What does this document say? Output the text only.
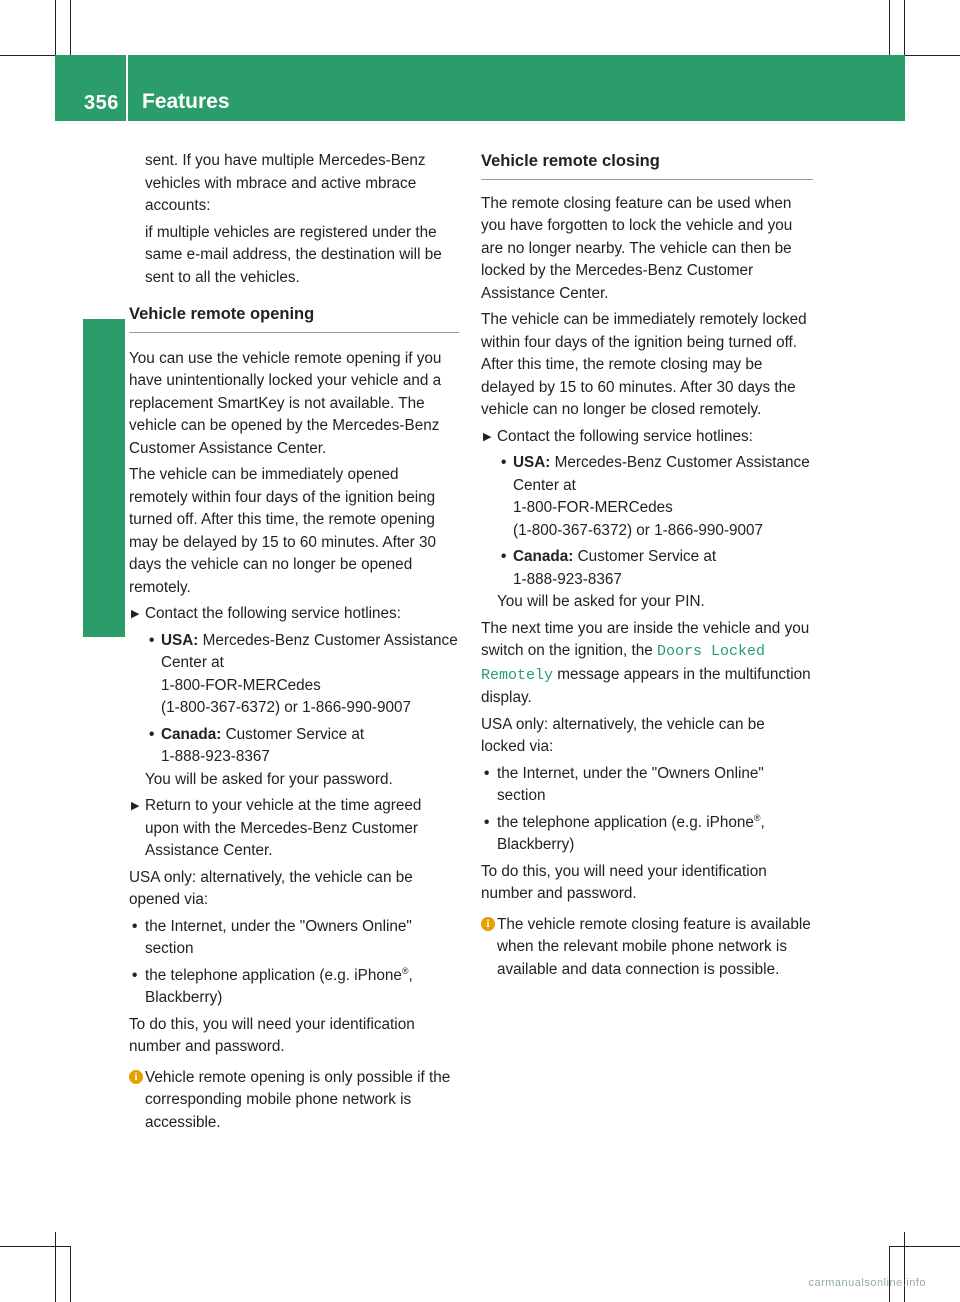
356 Features
Stowage and features

sent. If you have multiple Mercedes-Benz vehicles with mbrace and active mbrace accounts:

if multiple vehicles are registered under the same e-mail address, the destination will be sent to all the vehicles.

Vehicle remote opening

You can use the vehicle remote opening if you have unintentionally locked your vehicle and a replacement SmartKey is not available. The vehicle can be opened by the Mercedes-Benz Customer Assistance Center.

The vehicle can be immediately opened remotely within four days of the ignition being turned off. After this time, the remote opening may be delayed by 15 to 60 minutes. After 30 days the vehicle can no longer be opened remotely.

▶ Contact the following service hotlines:
• USA: Mercedes-Benz Customer Assistance Center at
1-800-FOR-MERCedes
(1-800-367-6372) or 1-866-990-9007
• Canada: Customer Service at
1-888-923-8367

You will be asked for your password.

▶ Return to your vehicle at the time agreed upon with the Mercedes-Benz Customer Assistance Center.

USA only: alternatively, the vehicle can be opened via:

• the Internet, under the "Owners Online" section
• the telephone application (e.g. iPhone®, Blackberry)

To do this, you will need your identification number and password.

i Vehicle remote opening is only possible if the corresponding mobile phone network is accessible.
Vehicle remote closing

The remote closing feature can be used when you have forgotten to lock the vehicle and you are no longer nearby. The vehicle can then be locked by the Mercedes-Benz Customer Assistance Center.

The vehicle can be immediately remotely locked within four days of the ignition being turned off. After this time, the remote closing may be delayed by 15 to 60 minutes. After 30 days the vehicle can no longer be closed remotely.

▶ Contact the following service hotlines:
• USA: Mercedes-Benz Customer Assistance Center at
1-800-FOR-MERCedes
(1-800-367-6372) or 1-866-990-9007
• Canada: Customer Service at
1-888-923-8367

You will be asked for your PIN.

The next time you are inside the vehicle and you switch on the ignition, the Doors Locked Remotely message appears in the multifunction display.

USA only: alternatively, the vehicle can be locked via:

• the Internet, under the "Owners Online" section
• the telephone application (e.g. iPhone®, Blackberry)

To do this, you will need your identification number and password.

i The vehicle remote closing feature is available when the relevant mobile phone network is available and data connection is possible.
carmanualsonline.info
